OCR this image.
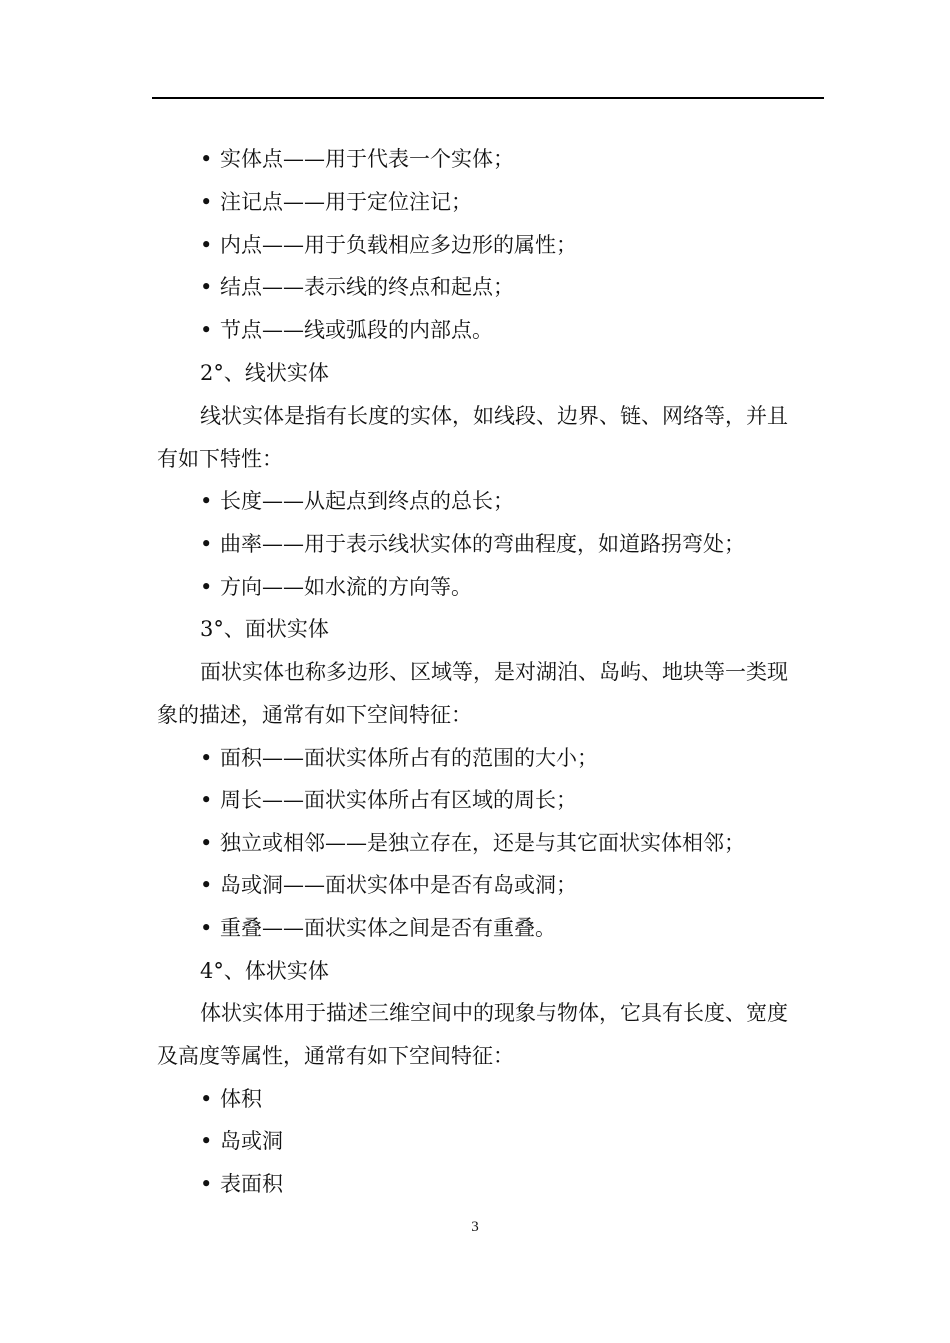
• 实体点——用于代表一个实体；
• 注记点——用于定位注记；
• 内点——用于负载相应多边形的属性；
• 结点——表示线的终点和起点；
• 节点——线或弧段的内部点。
2°、线状实体
线状实体是指有长度的实体，如线段、边界、链、网络等，并且
有如下特性：
• 长度——从起点到终点的总长；
• 曲率——用于表示线状实体的弯曲程度，如道路拐弯处；
• 方向——如水流的方向等。
3°、面状实体
面状实体也称多边形、区域等，是对湖泊、岛屿、地块等一类现
象的描述，通常有如下空间特征：
• 面积——面状实体所占有的范围的大小；
• 周长——面状实体所占有区域的周长；
• 独立或相邻——是独立存在，还是与其它面状实体相邻；
• 岛或洞——面状实体中是否有岛或洞；
• 重叠——面状实体之间是否有重叠。
4°、体状实体
体状实体用于描述三维空间中的现象与物体，它具有长度、宽度
及高度等属性，通常有如下空间特征：
• 体积
• 岛或洞
• 表面积
3
